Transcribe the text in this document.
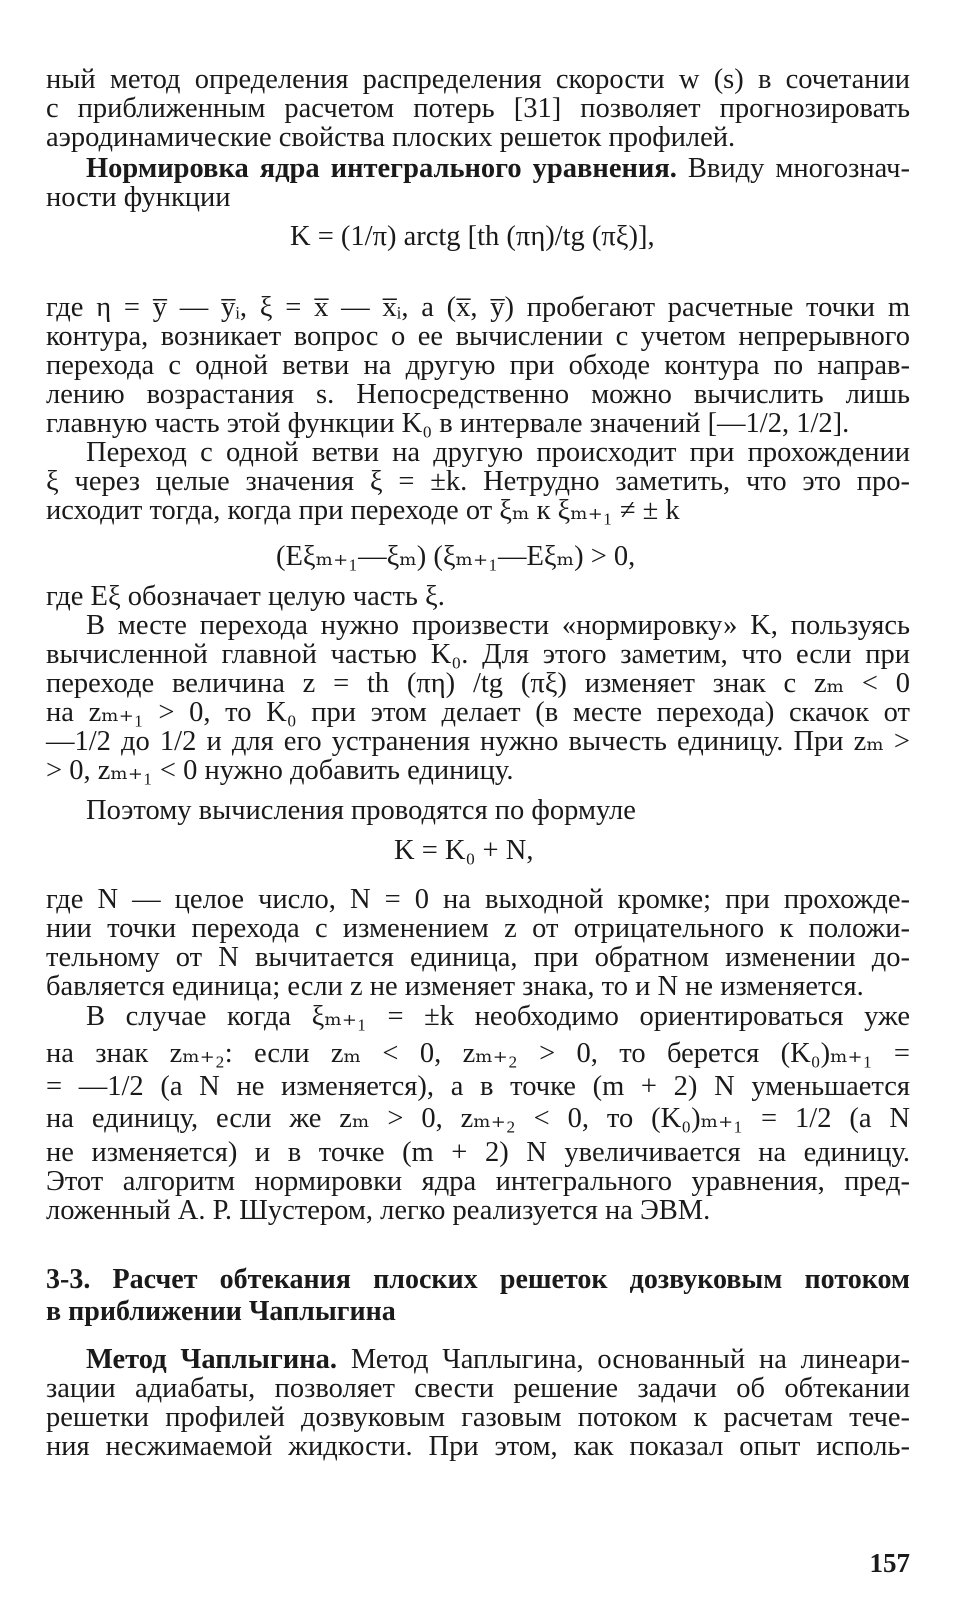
ный метод определения распределения скорости w (s) в сочетании
с приближенным расчетом потерь [31] позволяет прогнозировать
аэродинамические свойства плоских решеток профилей.
Нормировка ядра интегрального уравнения. Ввиду многознач-
ности функции
K = (1/π) arctg [th (πη)/tg (πξ)],
где η = y̅ — y̅ᵢ, ξ = x̅ — x̅ᵢ, а (x̅, y̅) пробегают расчетные точки m
контура, возникает вопрос о ее вычислении с учетом непрерывного
перехода с одной ветви на другую при обходе контура по направ-
лению возрастания s. Непосредственно можно вычислить лишь
главную часть этой функции K₀ в интервале значений [—1/2, 1/2].
Переход с одной ветви на другую происходит при прохождении
ξ через целые значения ξ = ±k. Нетрудно заметить, что это про-
исходит тогда, когда при переходе от ξₘ к ξₘ₊₁ ≠ ± k
(Eξₘ₊₁—ξₘ) (ξₘ₊₁—Eξₘ) > 0,
где Eξ обозначает целую часть ξ.
В месте перехода нужно произвести «нормировку» K, пользуясь
вычисленной главной частью K₀. Для этого заметим, что если при
переходе величина z = th (πη) /tg (πξ) изменяет знак с zₘ < 0
на zₘ₊₁ > 0, то K₀ при этом делает (в месте перехода) скачок от
—1/2 до 1/2 и для его устранения нужно вычесть единицу. При zₘ >
> 0, zₘ₊₁ < 0 нужно добавить единицу.
Поэтому вычисления проводятся по формуле
K = K₀ + N,
где N — целое число, N = 0 на выходной кромке; при прохожде-
нии точки перехода с изменением z от отрицательного к положи-
тельному от N вычитается единица, при обратном изменении до-
бавляется единица; если z не изменяет знака, то и N не изменяется.
В случае когда ξₘ₊₁ = ±k необходимо ориентироваться уже
на знак zₘ₊₂: если zₘ < 0, zₘ₊₂ > 0, то берется (K₀)ₘ₊₁ =
= —1/2 (а N не изменяется), а в точке (m + 2) N уменьшается
на единицу, если же zₘ > 0, zₘ₊₂ < 0, то (K₀)ₘ₊₁ = 1/2 (а N
не изменяется) и в точке (m + 2) N увеличивается на единицу.
Этот алгоритм нормировки ядра интегрального уравнения, пред-
ложенный А. Р. Шустером, легко реализуется на ЭВМ.
3-3. Расчет обтекания плоских решеток дозвуковым потоком
в приближении Чаплыгина
Метод Чаплыгина. Метод Чаплыгина, основанный на линеари-
зации адиабаты, позволяет свести решение задачи об обтекании
решетки профилей дозвуковым газовым потоком к расчетам тече-
ния несжимаемой жидкости. При этом, как показал опыт исполь-
157
